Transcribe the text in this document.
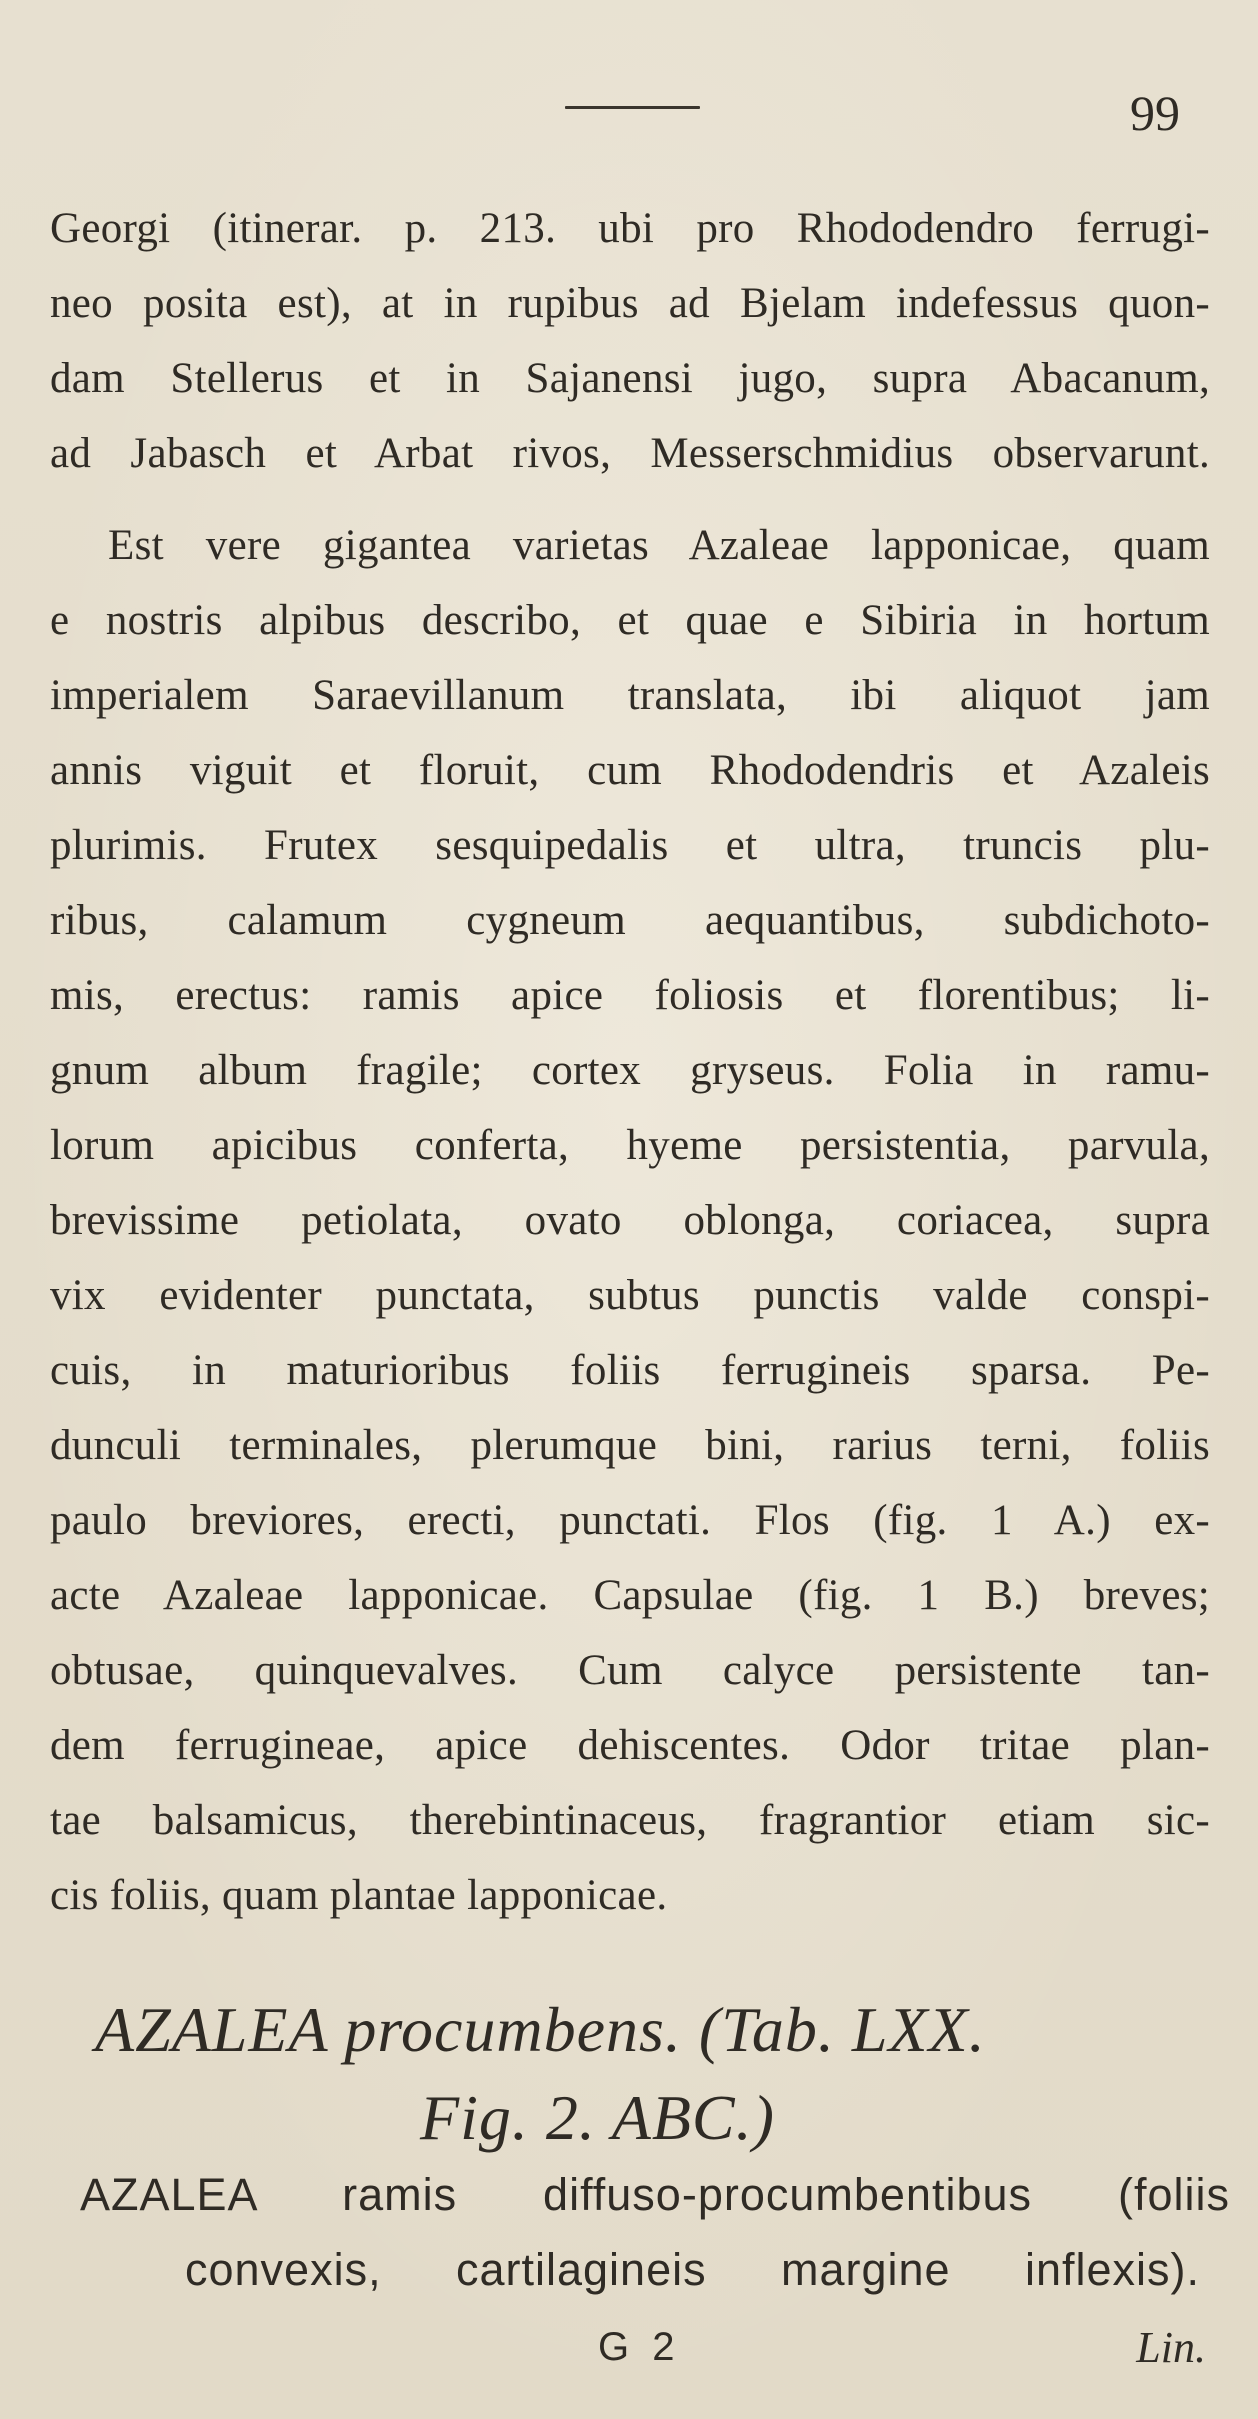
99
Georgi (itinerar. p. 213. ubi pro Rhododendro ferrugi-
neo posita est), at in rupibus ad Bjelam indefessus quon-
dam Stellerus et in Sajanensi jugo, supra Abacanum,
ad Jabasch et Arbat rivos, Messerschmidius observarunt.
Est vere gigantea varietas Azaleae lapponicae, quam
e nostris alpibus describo, et quae e Sibiria in hortum
imperialem Saraevillanum translata, ibi aliquot jam
annis viguit et floruit, cum Rhododendris et Azaleis
plurimis. Frutex sesquipedalis et ultra, truncis plu-
ribus, calamum cygneum aequantibus, subdichoto-
mis, erectus: ramis apice foliosis et florentibus; li-
gnum album fragile; cortex gryseus. Folia in ramu-
lorum apicibus conferta, hyeme persistentia, parvula,
brevissime petiolata, ovato oblonga, coriacea, supra
vix evidenter punctata, subtus punctis valde conspi-
cuis, in maturioribus foliis ferrugineis sparsa. Pe-
dunculi terminales, plerumque bini, rarius terni, foliis
paulo breviores, erecti, punctati. Flos (fig. 1 A.) ex-
acte Azaleae lapponicae. Capsulae (fig. 1 B.) breves;
obtusae, quinquevalves. Cum calyce persistente tan-
dem ferrugineae, apice dehiscentes. Odor tritae plan-
tae balsamicus, therebintinaceus, fragrantior etiam sic-
cis foliis, quam plantae lapponicae.
AZALEA procumbens. (Tab. LXX.
Fig. 2. ABC.)
AZALEA ramis diffuso-procumbentibus (foliis
convexis, cartilagineis margine inflexis).
G 2	Lin.
